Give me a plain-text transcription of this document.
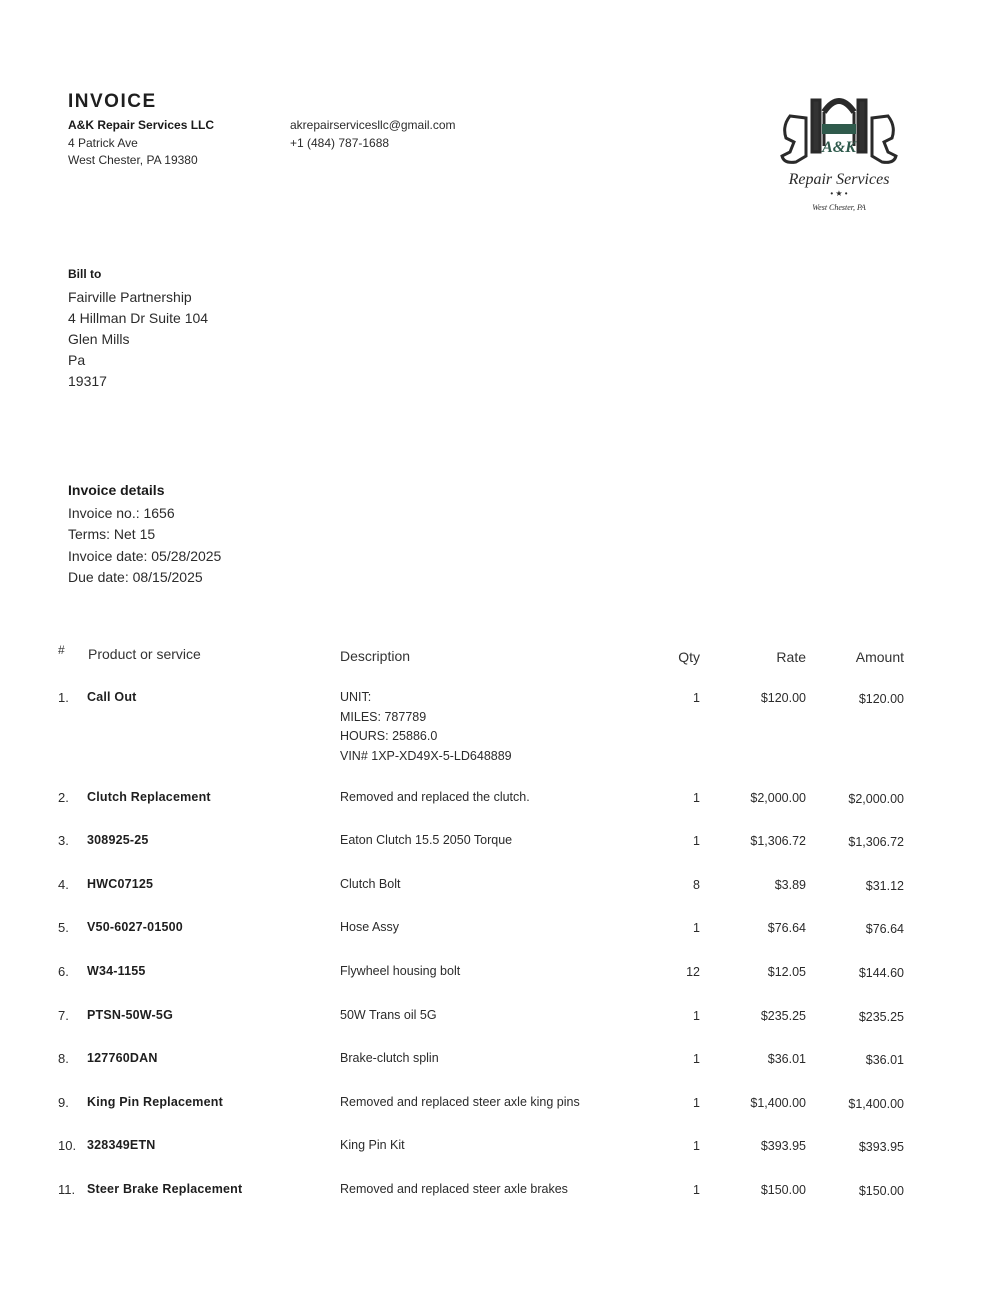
INVOICE
A&K Repair Services LLC
4 Patrick Ave
West Chester, PA 19380
akrepairservicesllc@gmail.com
+1 (484) 787-1688	A&K
Repair Services
• ★ •
West Chester, PA
Bill to
Fairville Partnership
4 Hillman Dr Suite 104
Glen Mills
Pa
19317
Invoice details
Invoice no.: 1656
Terms: Net 15
Invoice date: 05/28/2025
Due date: 08/15/2025
# Product or service	Description	Qty	Rate	Amount
1.	Call Out	UNIT:
MILES: 787789
HOURS: 25886.0
VIN# 1XP-XD49X-5-LD648889
1	$120.00	$120.00
2.	Clutch Replacement	Removed and replaced the clutch.	1	$2,000.00	$2,000.00
3.	308925-25	Eaton Clutch 15.5 2050 Torque	1	$1,306.72	$1,306.72
4.	HWC07125	Clutch Bolt	8	$3.89	$31.12
5.	V50-6027-01500	Hose Assy	1	$76.64	$76.64
6.	W34-1155	Flywheel housing bolt	12	$12.05	$144.60
7.	PTSN-50W-5G	50W Trans oil 5G	1	$235.25	$235.25
8.	127760DAN	Brake-clutch splin	1	$36.01	$36.01
9.	King Pin Replacement	Removed and replaced steer axle king pins	1	$1,400.00	$1,400.00
10. 328349ETN	King Pin Kit	1	$393.95	$393.95
11. Steer Brake Replacement	Removed and replaced steer axle brakes	1	$150.00	$150.00
